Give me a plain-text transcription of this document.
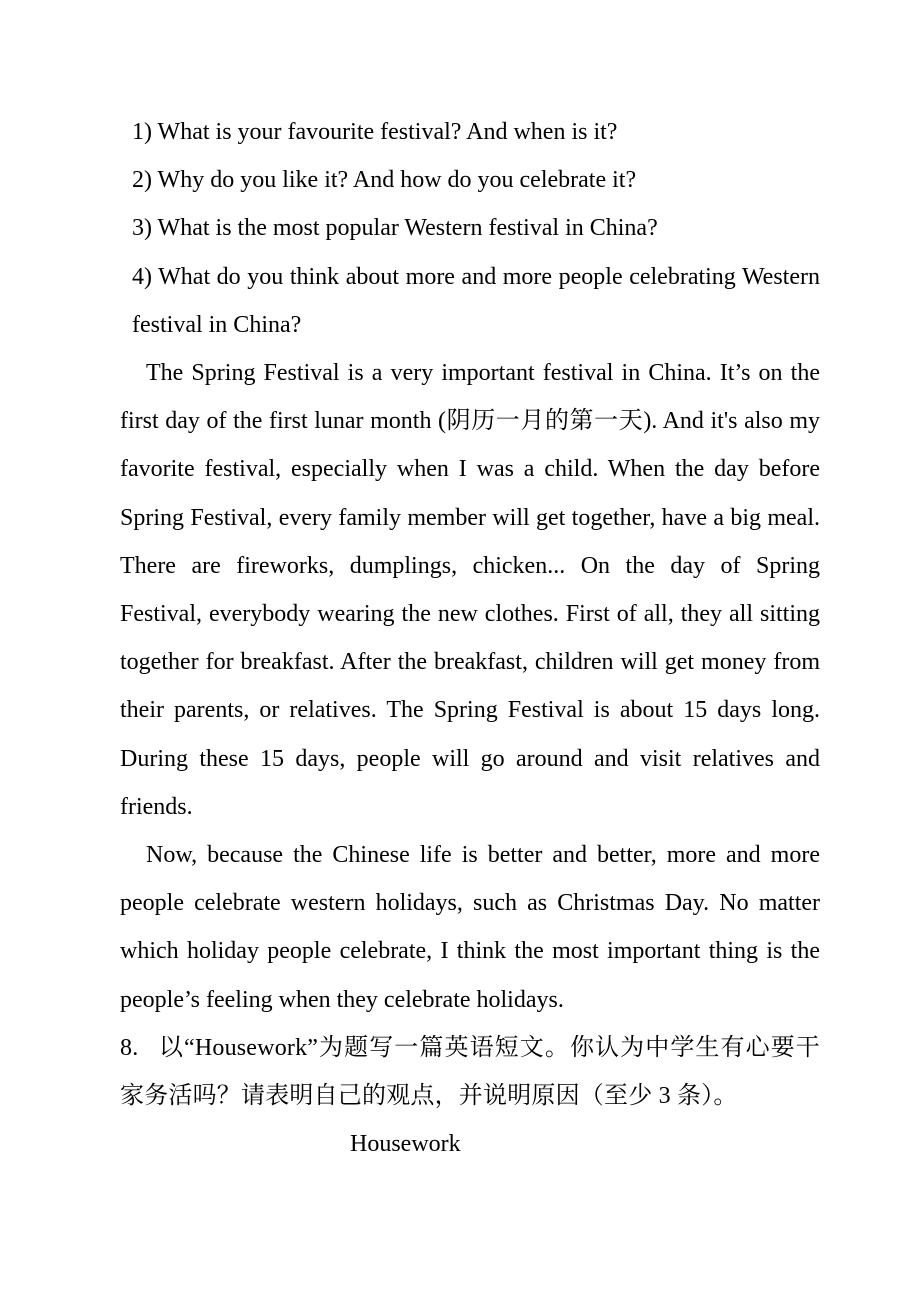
1) What is your favourite festival? And when is it?

2) Why do you like it? And how do you celebrate it?

3) What is the most popular Western festival in China?

4) What do you think about more and more people celebrating Western festival in China?

The Spring Festival is a very important festival in China. It’s on the first day of the first lunar month (阴历一月的第一天). And it's also my favorite festival, especially when I was a child. When the day before Spring Festival, every family member will get together, have a big meal. There are fireworks, dumplings, chicken... On the day of Spring Festival, everybody wearing the new clothes. First of all, they all sitting together for breakfast. After the breakfast, children will get money from their parents, or relatives. The Spring Festival is about 15 days long. During these 15 days, people will go around and visit relatives and friends.

Now, because the Chinese life is better and better, more and more people celebrate western holidays, such as Christmas Day. No matter which holiday people celebrate, I think the most important thing is the people’s feeling when they celebrate holidays.

8. 以“Housework”为题写一篇英语短文。你认为中学生有心要干家务活吗？请表明自己的观点，并说明原因（至少 3 条）。

Housework
